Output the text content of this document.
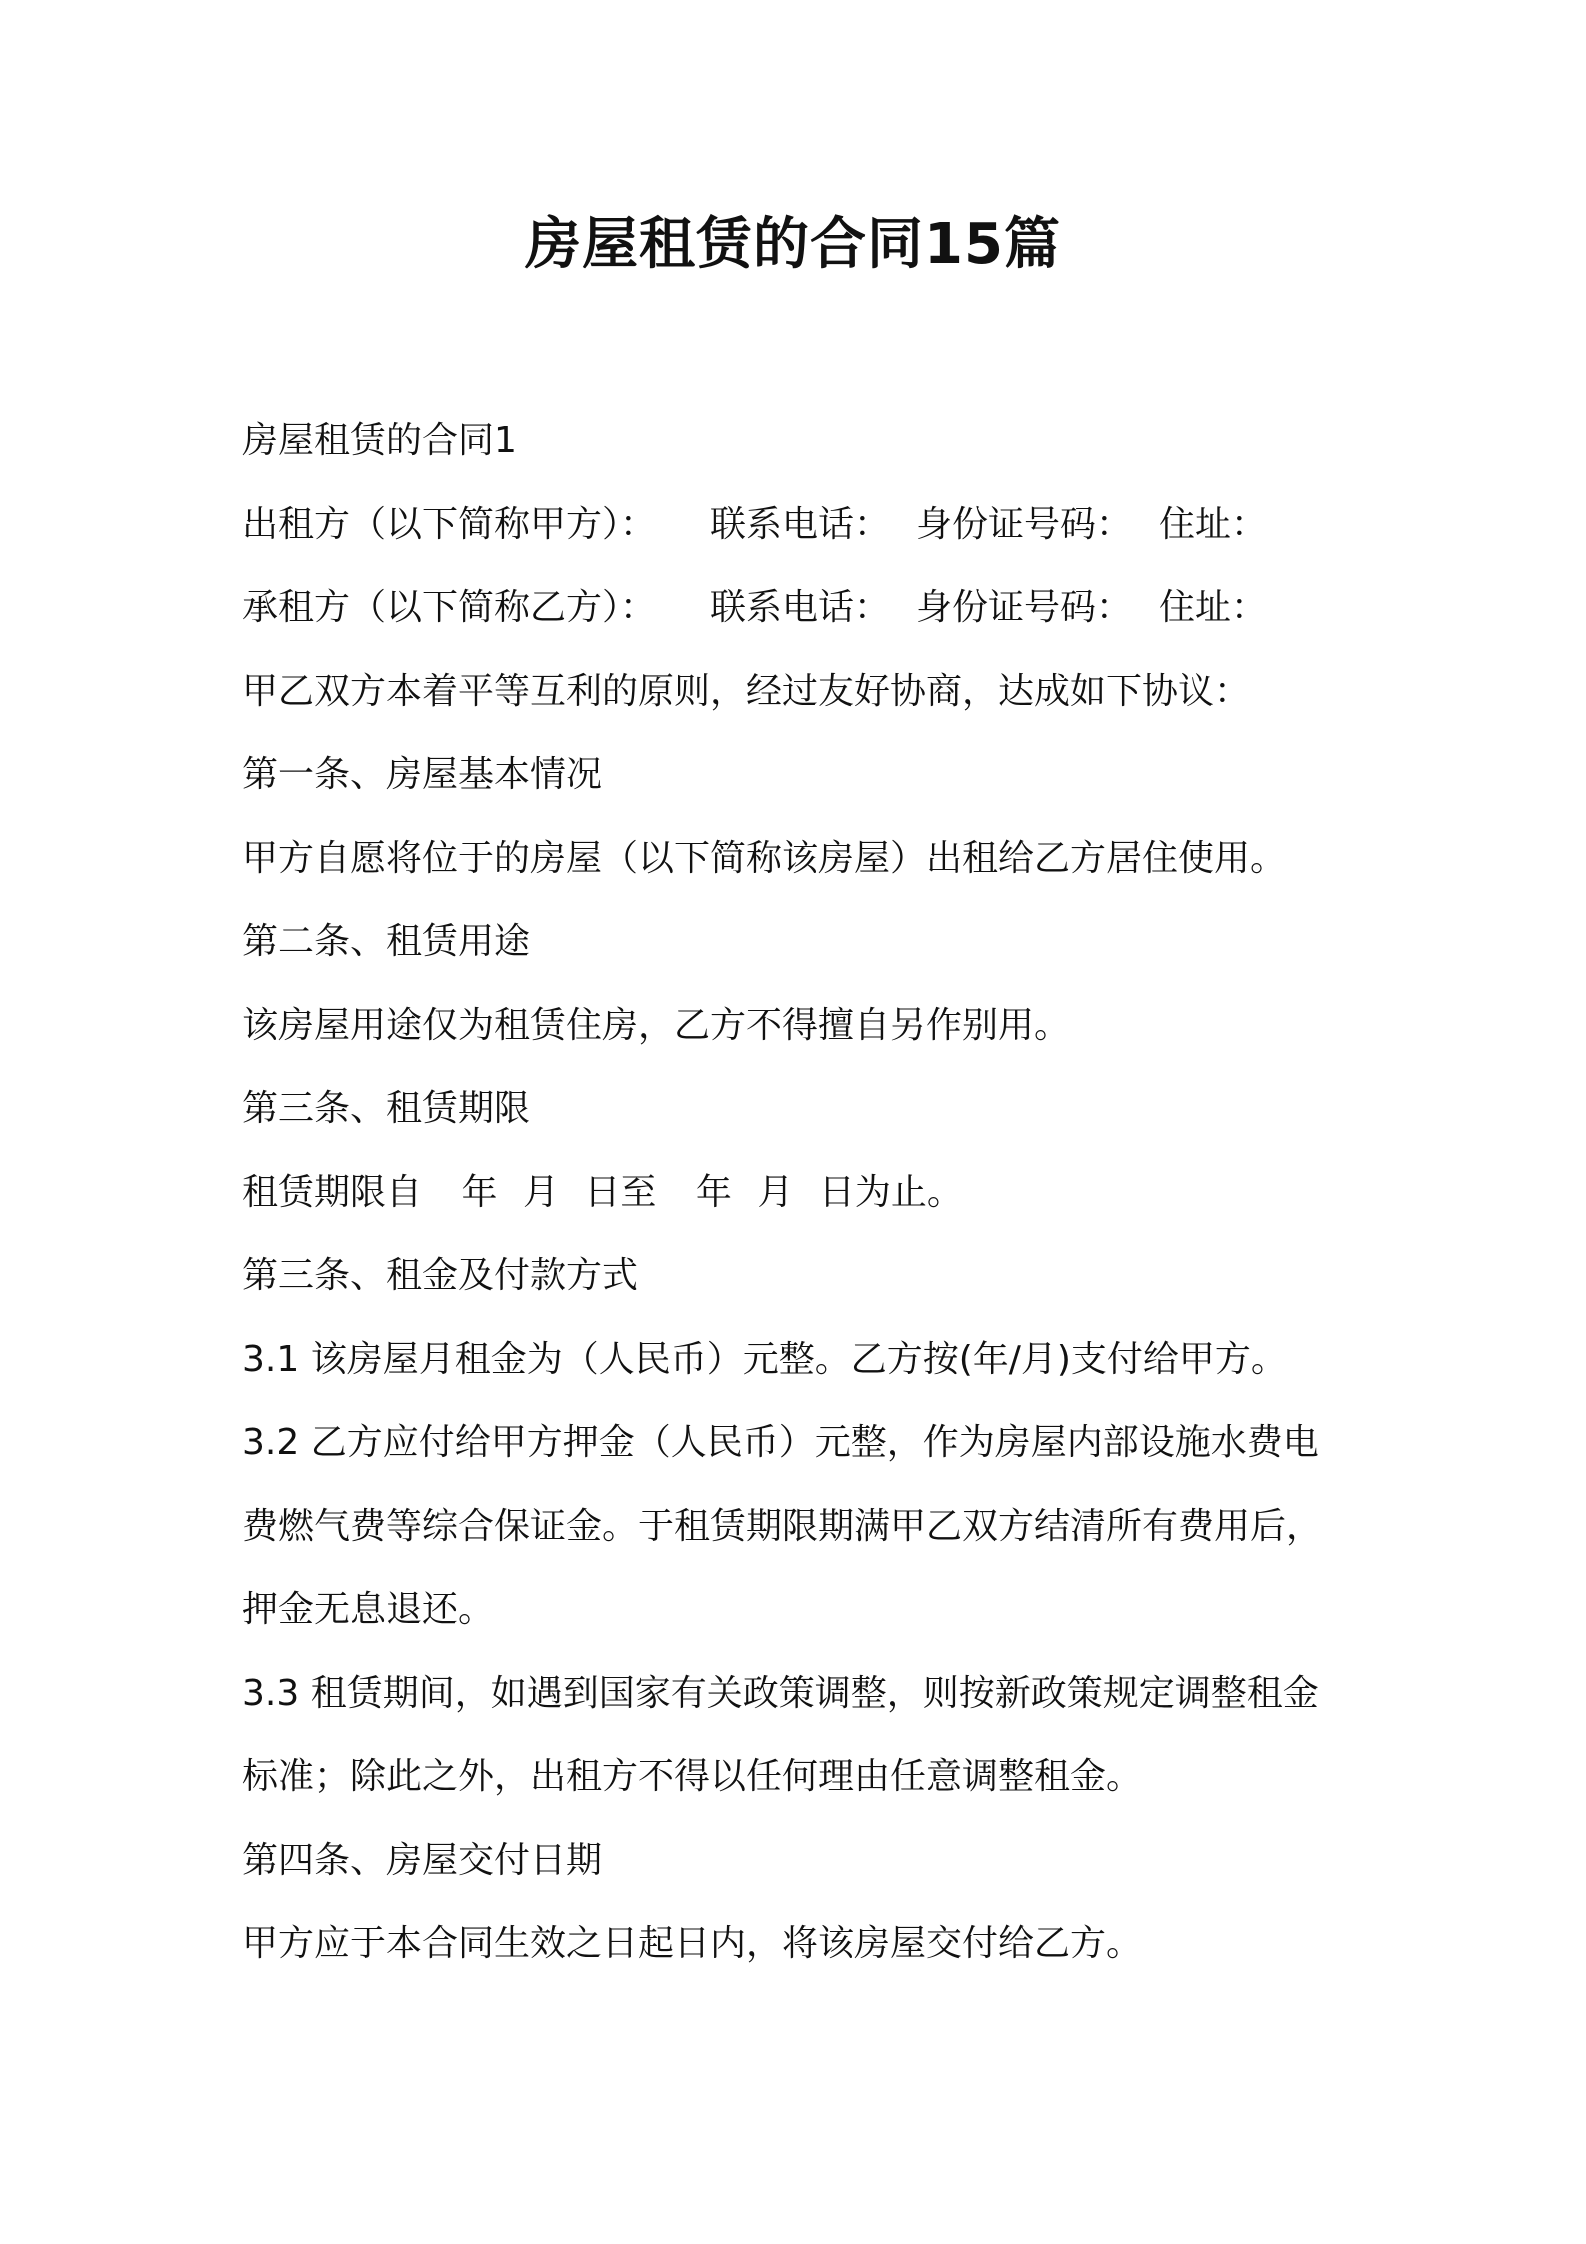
房屋租赁的合同15篇

房屋租赁的合同1

出租方（以下简称甲方）： 联系电话： 身份证号码： 住址：

承租方（以下简称乙方）： 联系电话： 身份证号码： 住址：

甲乙双方本着平等互利的原则，经过友好协商，达成如下协议：

第一条、房屋基本情况

甲方自愿将位于的房屋（以下简称该房屋）出租给乙方居住使用。

第二条、租赁用途

该房屋用途仅为租赁住房，乙方不得擅自另作别用。

第三条、租赁期限

租赁期限自 年 月 日至 年 月 日为止。

第三条、租金及付款方式

3.1 该房屋月租金为（人民币）元整。乙方按(年/月)支付给甲方。

3.2 乙方应付给甲方押金（人民币）元整，作为房屋内部设施水费电

费燃气费等综合保证金。于租赁期限期满甲乙双方结清所有费用后，

押金无息退还。

3.3 租赁期间，如遇到国家有关政策调整，则按新政策规定调整租金

标准；除此之外，出租方不得以任何理由任意调整租金。

第四条、房屋交付日期

甲方应于本合同生效之日起日内，将该房屋交付给乙方。
